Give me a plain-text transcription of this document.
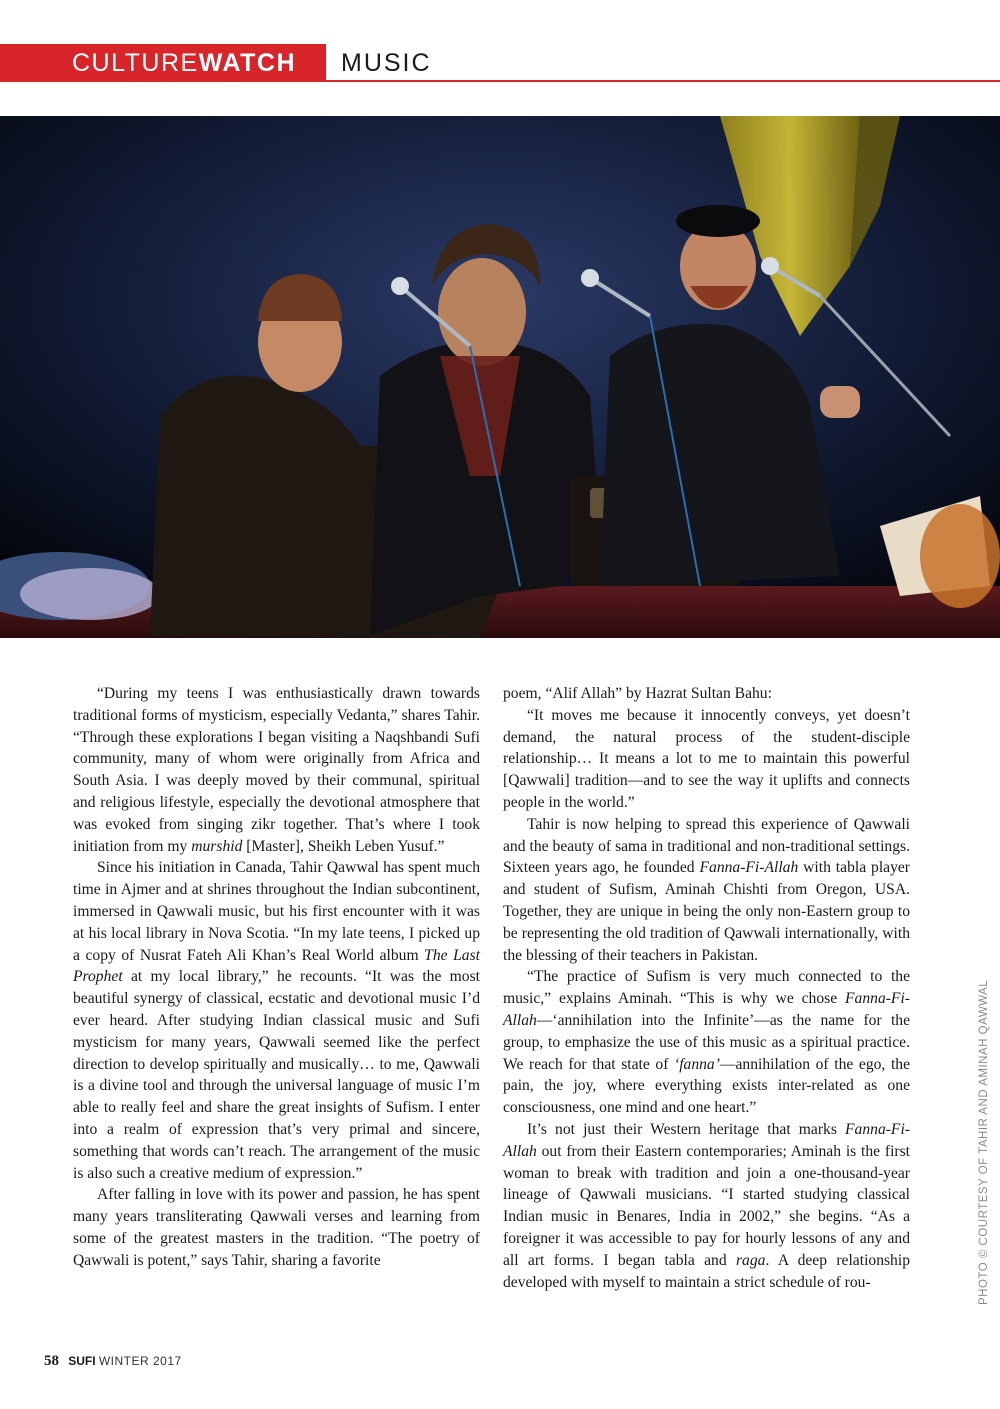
CULTUREWATCH	MUSIC

“During my teens I was enthusiastically drawn towards traditional forms of mysticism, especially Vedanta,” shares Tahir. “Through these explorations I began visiting a Naqshbandi Sufi community, many of whom were originally from Africa and South Asia. I was deeply moved by their communal, spiritual and religious lifestyle, especially the devotional atmosphere that was evoked from singing zikr together. That’s where I took initiation from my murshid [Master], Sheikh Leben Yusuf.”

Since his initiation in Canada, Tahir Qawwal has spent much time in Ajmer and at shrines throughout the Indian subcontinent, immersed in Qawwali music, but his first encounter with it was at his local library in Nova Scotia. “In my late teens, I picked up a copy of Nusrat Fateh Ali Khan’s Real World album The Last Prophet at my local library,” he recounts. “It was the most beautiful synergy of classical, ecstatic and devotional music I’d ever heard. After studying Indian classical music and Sufi mysticism for many years, Qawwali seemed like the perfect direction to develop spiritually and musically… to me, Qawwali is a divine tool and through the universal language of music I’m able to really feel and share the great insights of Sufism. I enter into a realm of expression that’s very primal and sincere, something that words can’t reach. The arrangement of the music is also such a creative medium of expression.”

After falling in love with its power and passion, he has spent many years transliterating Qawwali verses and learning from some of the greatest masters in the tradition. “The poetry of Qawwali is potent,” says Tahir, sharing a favorite

poem, “Alif Allah” by Hazrat Sultan Bahu:

“It moves me because it innocently conveys, yet doesn’t demand, the natural process of the student-disciple relationship… It means a lot to me to maintain this powerful [Qawwali] tradition—and to see the way it uplifts and connects people in the world.”

Tahir is now helping to spread this experience of Qawwali and the beauty of sama in traditional and non-traditional settings. Sixteen years ago, he founded Fanna-Fi-Allah with tabla player and student of Sufism, Aminah Chishti from Oregon, USA. Together, they are unique in being the only non-Eastern group to be representing the old tradition of Qawwali internationally, with the blessing of their teachers in Pakistan.

“The practice of Sufism is very much connected to the music,” explains Aminah. “This is why we chose Fanna-Fi-Allah—‘annihilation into the Infinite’—as the name for the group, to emphasize the use of this music as a spiritual practice. We reach for that state of ‘fanna’—annihilation of the ego, the pain, the joy, where everything exists inter-related as one consciousness, one mind and one heart.”

It’s not just their Western heritage that marks Fanna-Fi-Allah out from their Eastern contemporaries; Aminah is the first woman to break with tradition and join a one-thousand-year lineage of Qawwali musicians. “I started studying classical Indian music in Benares, India in 2002,” she begins. “As a foreigner it was accessible to pay for hourly lessons of any and all art forms. I began tabla and raga. A deep relationship developed with myself to maintain a strict schedule of rou-	PHOTO © COURTESY OF TAHIR AND AMINAH QAWWAL
58 SUFI WINTER 2017
